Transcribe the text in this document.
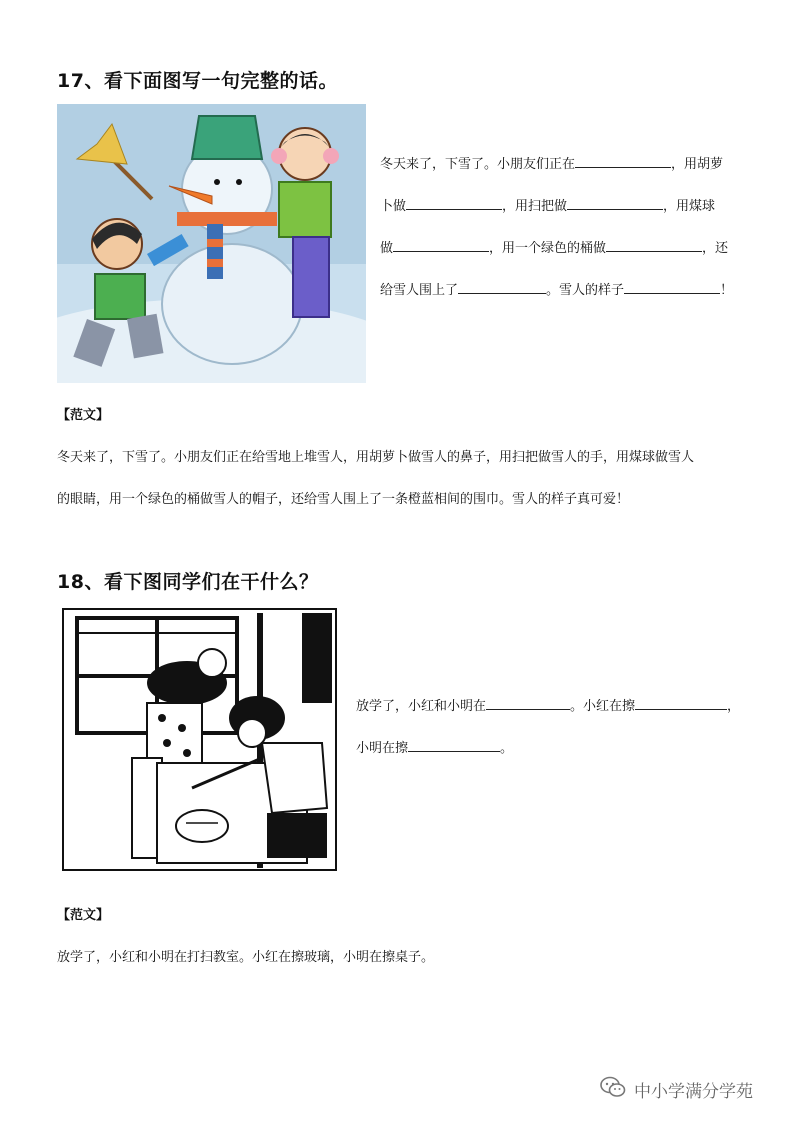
17、看下面图写一句完整的话。
冬天来了，下雪了。小朋友们正在	，用胡萝
卜做	，用扫把做	，用煤球
做	，用一个绿色的桶做	，还
给雪人围上了	。雪人的样子	！
【范文】
冬天来了，下雪了。小朋友们正在给雪地上堆雪人，用胡萝卜做雪人的鼻子，用扫把做雪人的手，用煤球做雪人
的眼睛，用一个绿色的桶做雪人的帽子，还给雪人围上了一条橙蓝相间的围巾。雪人的样子真可爱！
18、看下图同学们在干什么？
放学了，小红和小明在	。小红在擦	，
小明在擦	。
【范文】
放学了，小红和小明在打扫教室。小红在擦玻璃，小明在擦桌子。
中小学满分学苑
